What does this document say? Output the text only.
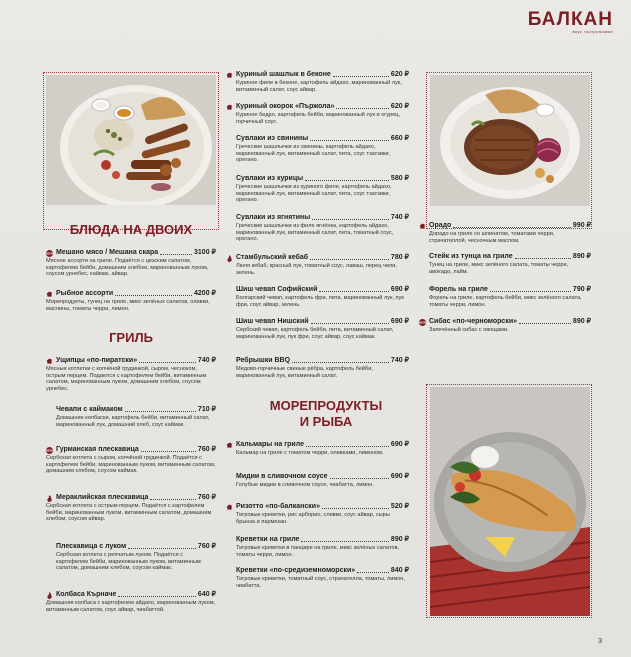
БАЛКАН
вкус гастрономии
БЛЮДА НА ДВОИХ
ГРИЛЬ
МОРЕПРОДУКТЫ
И РЫБА
NEW Мешано мясо / Мешана скара	3100 ₽
Мясное ассорти на гриле. Подаётся с цезским салатом, картофелем бейби, домашним хлебом, маринованным луком, соусом урнебес, каймак, айвар.
Рыбное ассорти	4200 ₽
Морепродукты, тунец на гриле, микс зелёных салатов, оливки, маслины, томаты черри, лимон.
Ущипцы «по-пиратски»	740 ₽
Мясные котлетки с копчёной грудинкой, сыром, чесноком, острым перцем. Подаются с картофелем бейби, витаминным салатом, маринованным луком, домашним хлебом, соусом урнебес.
Чевапи с каймаком	710 ₽
Домашние колбаски, картофель бейби, витаминный салат, маринованный лук, домашний хлеб, соус каймак.
NEW Гурманская плескавица	760 ₽
Сербская котлета с сыром, копчёной грудинкой. Подаётся с картофелем бейби, маринованным луком, витаминным салатом, домашним хлебом, соусом каймак.
Мераклийская плескавица	760 ₽
Сербская котлета с острым перцем. Подаётся с картофелем бейби, маринованным луком, витаминным салатом, домашним хлебом, соусом айвар.
Плескавица с луком	760 ₽
Сербская котлета с репчатым луком. Подаётся с картофелем бейби, маринованным луком, витаминным салатом, домашним хлебом, соусом каймак.
Колбаса Кърначе	640 ₽
Домашняя колбаса с картофелем айдахо, маринованным луком, витаминным салатом, соус айвар, чиабаттой.
Куриный шашлык в беконе	620 ₽
Куриное филе в беконе, картофель айдахо, маринованный лук, витаминный салат, соус айвар.
Куриный окорок «Пържола»	620 ₽
Куриное бедро, картофель бейби, маринованный лук и огурец, горчичный соус.
Сувлаки из свинины	660 ₽
Греческие шашлычки из свинины, картофель айдахо, маринованный лук, витаминный салат, пита, соус тзатзики, орегано.
Сувлаки из курицы	580 ₽
Греческие шашлычки из куриного филе, картофель айдахо, маринованный лук, витаминный салат, пита, соус тзатзики, орегано.
Сувлаки из ягнятины	740 ₽
Греческие шашлычки из филе ягнёнка, картофель айдахо, маринованный лук, витаминный салат, пита, томатный соус, орегано.
Стамбульский кебаб	780 ₽
Люля кебаб, красный лук, томатный соус, лаваш, перец чили, зелень.
Шиш чевап Софийский	690 ₽
Болгарский чевап, картофель фри, пита, маринованный лук, пук фри, соус айвар, зелень.
Шиш чевап Нишский	690 ₽
Сербский чевап, картофель бейби, пита, витаминный салат, маринованный лук, пук фри, соус айвар, соус каймак.
Ребрышки BBQ	740 ₽
Медово-горчичные свиные рёбра, картофель бейби, маринованный лук, витаминный салат.
Кальмары на гриле	690 ₽
Кальмар на гриле с томатом черри, оливками, лимоном.
Мидии в сливочном соусе	690 ₽
Голубые мидии в сливочном соусе, чиабатта, лимон.
Ризотто «по-балкански»	520 ₽
Тигровые креветки, рис арборио, сливки, соус айвар, сыры брынза и пармезан.
Креветки на гриле	890 ₽
Тигровые креветки в панцире на гриле, микс зелёных салатов, томаты черри, лимон.
Креветки «по-средиземноморски»	840 ₽
Тигровые креветки, томатный соус, страчателла, томаты, лимон, чиабатта.
Орадо	990 ₽
Дорадо на гриле со шпинатом, томатами черри, страчателлой, чесночным маслом.
Стейк из тунца на гриле	890 ₽
Тунец на гриле, микс зелёного салата, томаты черри, авокадо, лайм.
Форель на гриле	790 ₽
Форель на гриле, картофель бейби, микс зелёного салата, томаты черри, лимон.
NEW Сибас «по-черноморски»	890 ₽
Запечённый сибас с овощами.
3
